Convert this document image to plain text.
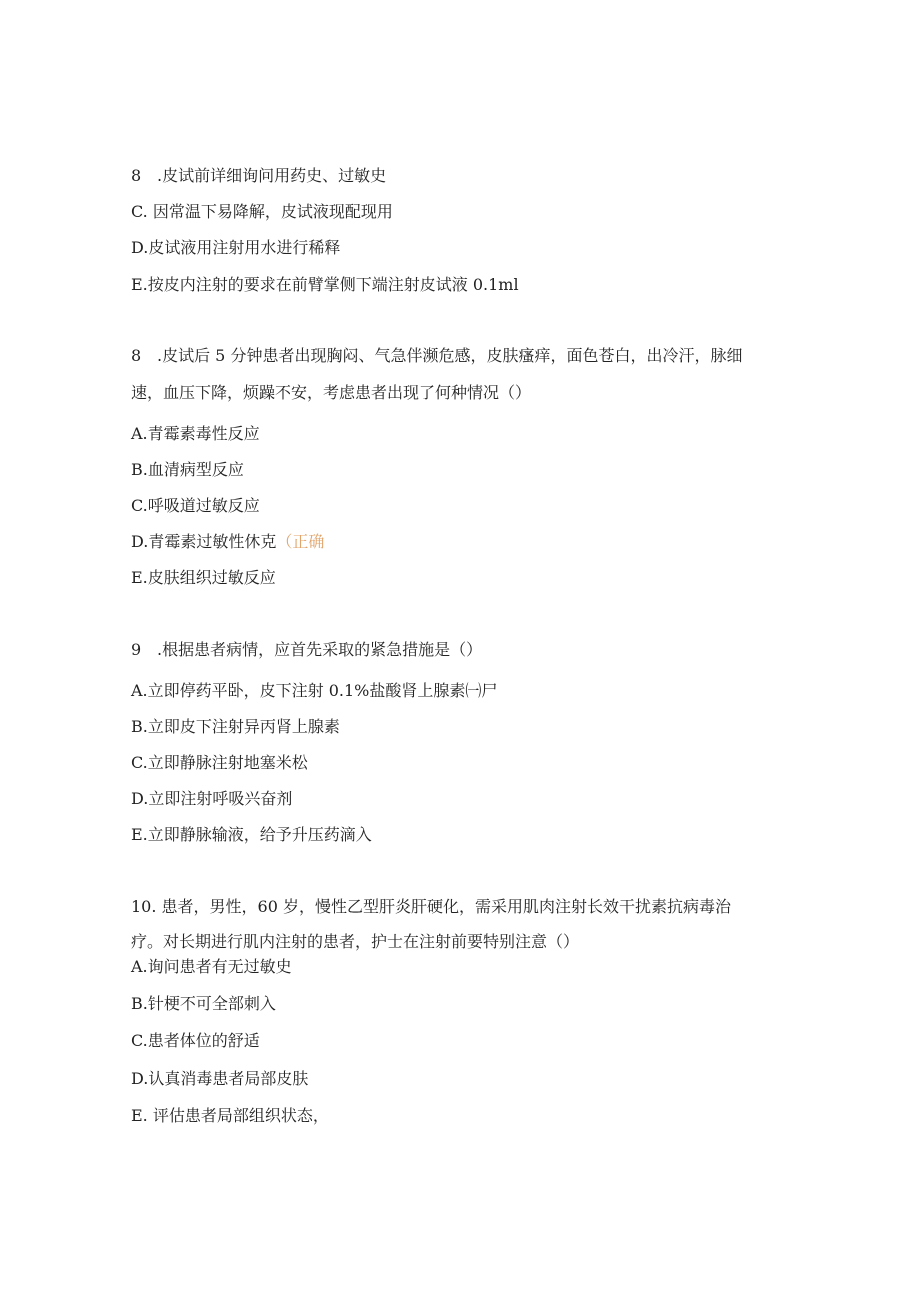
8 .皮试前详细询问用药史、过敏史
C. 因常温下易降解，皮试液现配现用
D.皮试液用注射用水进行稀释
E.按皮内注射的要求在前臂掌侧下端注射皮试液 0.1ml
8 .皮试后 5 分钟患者出现胸闷、气急伴濒危感，皮肤瘙痒，面色苍白，出冷汗，脉细
速，血压下降，烦躁不安，考虑患者出现了何种情况（）
A.青霉素毒性反应
B.血清病型反应
C.呼吸道过敏反应
D.青霉素过敏性休克（正确
E.皮肤组织过敏反应
9 .根据患者病情，应首先采取的紧急措施是（）
A.立即停药平卧，皮下注射 0.1%盐酸肾上腺素㈠尸
B.立即皮下注射异丙肾上腺素
C.立即静脉注射地塞米松
D.立即注射呼吸兴奋剂
E.立即静脉输液，给予升压药滴入
10. 患者，男性，60 岁，慢性乙型肝炎肝硬化，需采用肌肉注射长效干扰素抗病毒治
疗。对长期进行肌内注射的患者，护士在注射前要特别注意（）
A.询问患者有无过敏史
B.针梗不可全部刺入
C.患者体位的舒适
D.认真消毒患者局部皮肤
E. 评估患者局部组织状态，
